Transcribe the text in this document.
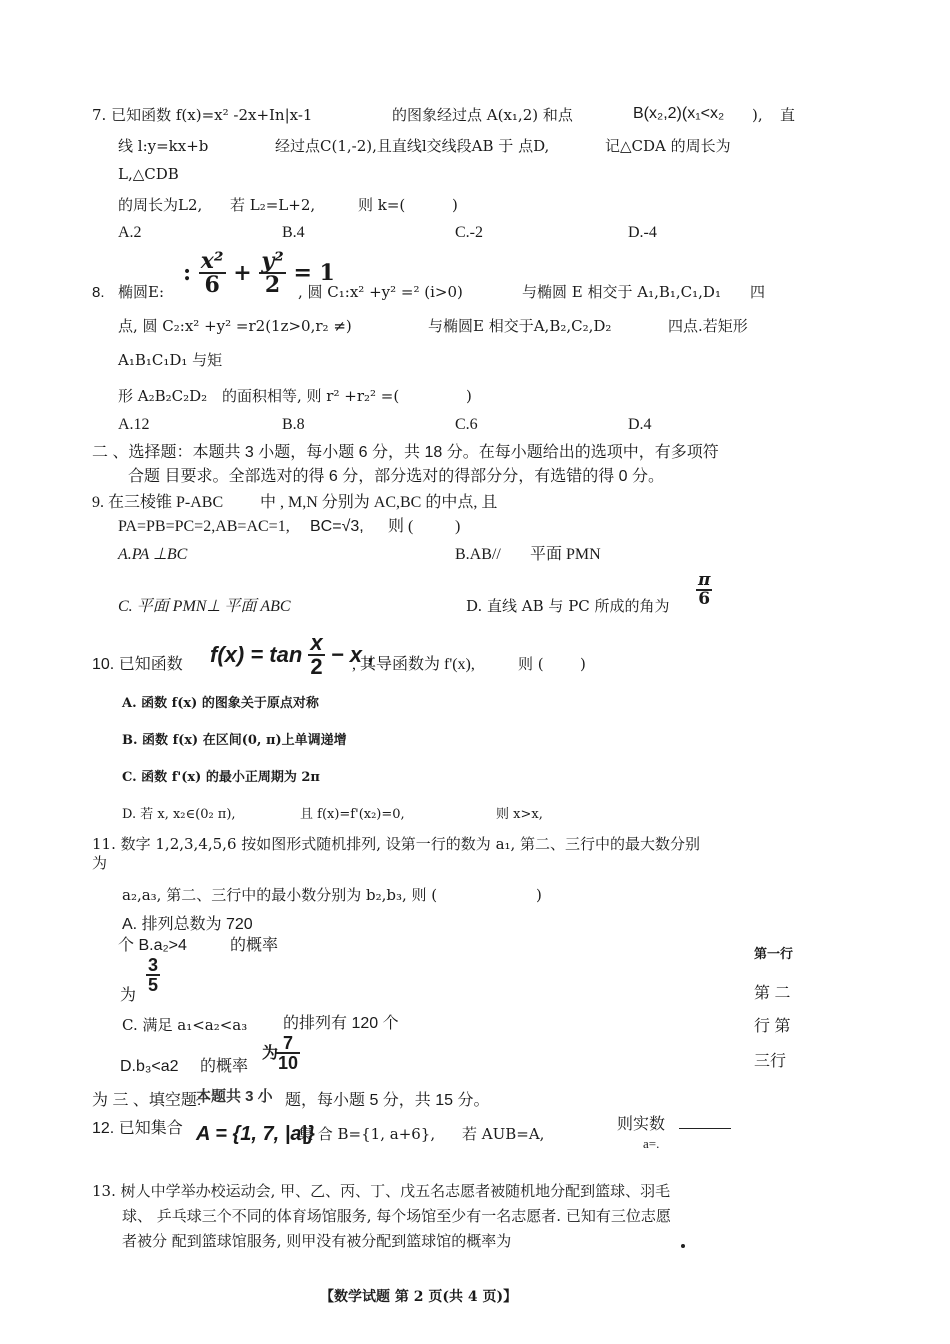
7. 已知函数 f(x)=x² -2x+In|x-1	的图象经过点 A(x₁,2) 和点	B(x₂,2)(x₁<x₂ ), 直
线 l:y=kx+b	经过点C(1,-2),且直线l交线段AB 于 点D,	记△CDA 的周长为
L,△CDB
的周长为L2, 若 L₂=L+2,	则 k=(	)
A.2	B.4	C.-2	D.-4
8. 椭圆E:
: $\frac{\text{x²}}{6} + \frac{\text{y²}}{2} = 1$
, 圆 C₁:x² +y² =² (i>0)	与椭圆 E 相交于 A₁,B₁,C₁,D₁ 四
点, 圆 C₂:x² +y² =r2(1z>0,r₂ ≠)	与椭圆E 相交于A,B₂,C₂,D₂	四点.若矩形
A₁B₁C₁D₁ 与矩
形 A₂B₂C₂D₂ 的面积相等, 则 r² +r₂² =(	)
A.12	B.8	C.6	D.4
二 、选择题：本题共 3 小题，每小题 6 分，共 18 分。在每小题给出的选项中，有多项符
合题 目要求。全部选对的得 6 分，部分选对的得部分分，有选错的得 0 分。
9. 在三棱锥 P-ABC 中 , M,N 分别为 AC,BC 的中点, 且
PA=PB=PC=2,AB=AC=1, BC=√3, 则 (	)
A.PA ⊥BC	B.AB// 平面 PMN
C. 平面 PMN⊥ 平面 ABC	D. 直线 AB 与 PC 所成的角为 $\frac{\pi}{6}$
10. 已知函数 $f(x) = \tan \frac{x}{2} - x$ ,
, 其导函数为 f'(x),	则 ( )
A. 函数 f(x) 的图象关于原点对称
B. 函数 f(x) 在区间(0, π)上单调递增
C. 函数 f'(x) 的最小正周期为 2π
D. 若 x, x₂∈(0₂ π),	且 f(x)=f'(x₂)=0,	则 x>x,
11. 数字 1,2,3,4,5,6 按如图形式随机排列, 设第一行的数为 a₁, 第二、三行中的最大数分别
为
a₂,a₃, 第二、三行中的最小数分别为 b₂,b₃, 则 (	)
A. 排列总数为 720
个 B.a₂>4	的概率
为
$\frac{3}{5}$
C. 满足 a₁<a₂<a₃ 的排列有 120 个
D.b₃<a2 的概率
为
$\frac{7}{10}$
第一行
第 二
行 第
三行
为 三 、填空题:
本题共 3 小 题，每小题 5 分，共 15 分。
12. 已知集合 A = {1, 7, |a|}
集 合 B={1, a+6}, 若 AUB=A,
则实数
a=.
13. 树人中学举办校运动会, 甲、乙、丙、丁、戊五名志愿者被随机地分配到篮球、羽毛
球、 乒乓球三个不同的体育场馆服务, 每个场馆至少有一名志愿者. 已知有三位志愿
者被分 配到篮球馆服务, 则甲没有被分配到篮球馆的概率为
【数学试题 第 2 页(共 4 页)】
